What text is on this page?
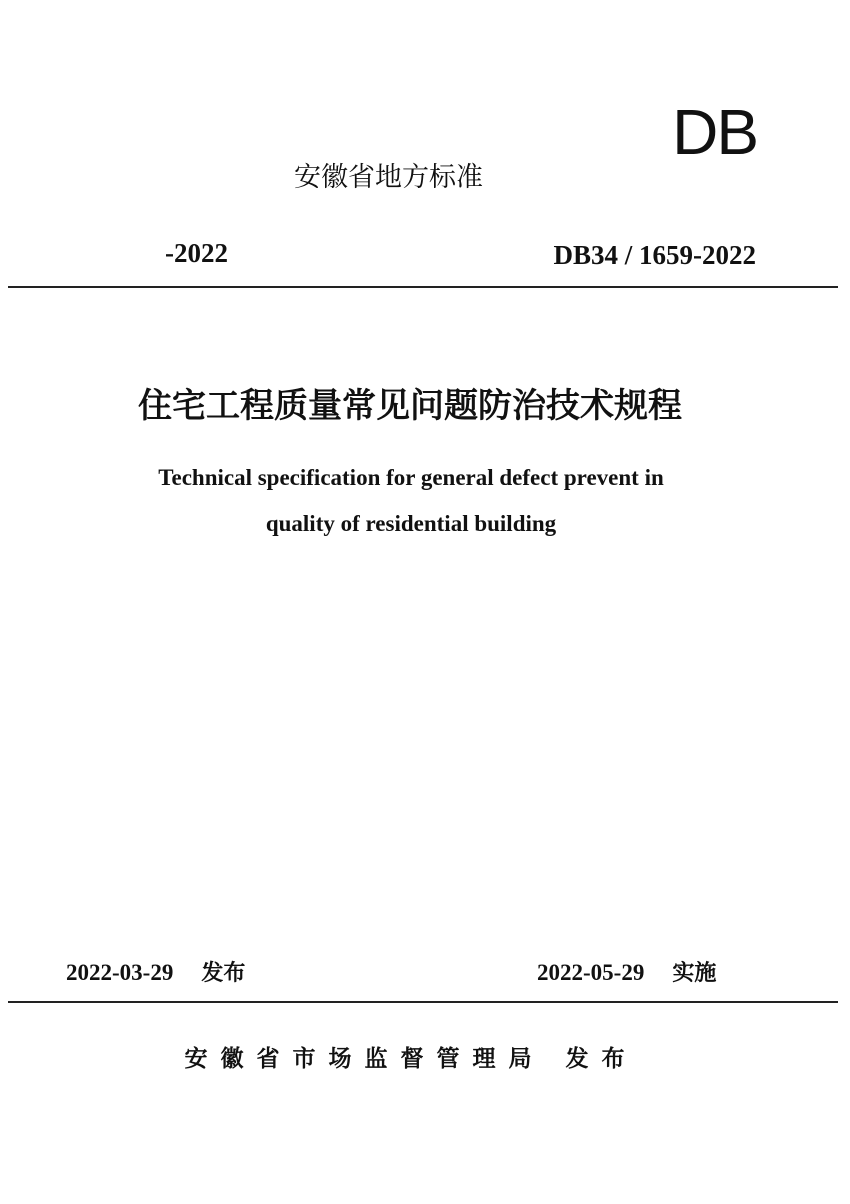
DB
安徽省地方标准
-2022	DB34 / 1659-2022
住宅工程质量常见问题防治技术规程
Technical specification for general defect prevent in
quality of residential building
2022-03-29 发布	2022-05-29 实施
安徽省市场监督管理局 发布
